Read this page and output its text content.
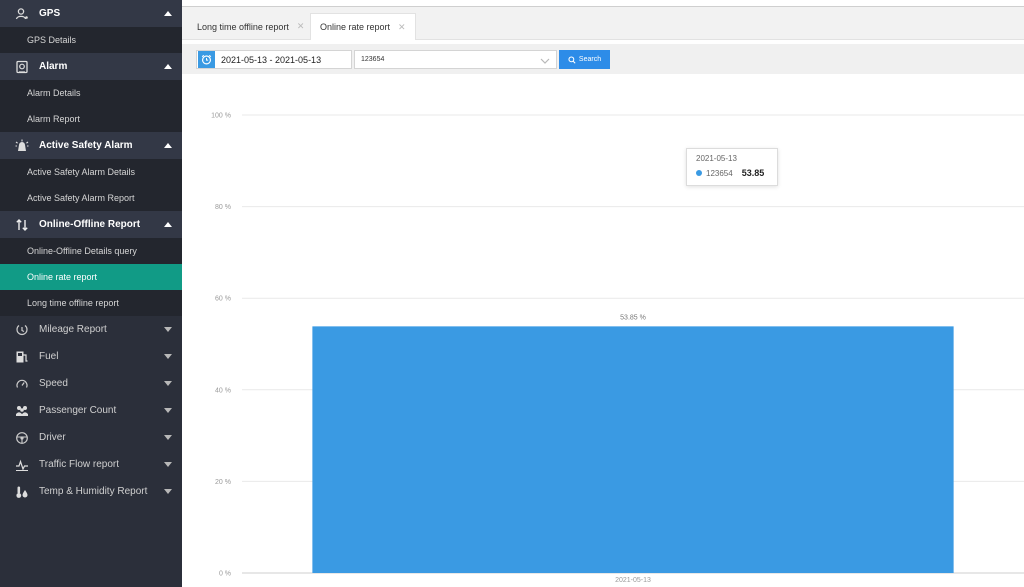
GPS
GPS Details
Alarm
Alarm Details
Alarm Report
Active Safety Alarm
Active Safety Alarm Details
Active Safety Alarm Report
Online-Offline Report
Online-Offline Details query
Online rate report
Long time offline report
Mileage Report
Fuel
Speed
Passenger Count
Driver
Traffic Flow report
Temp & Humidity Report
Long time offline report ✕ Online rate report ✕
2021-05-13 - 2021-05-13	123654	Search
0 %
20 %
40 %
60 %
80 %
100 %
53.85 %
2021-05-13
2021-05-13
123654 53.85
